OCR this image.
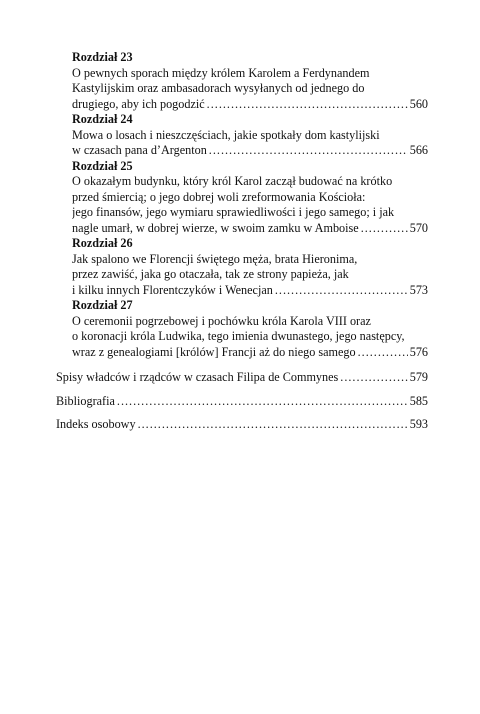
Rozdział 23
O pewnych sporach między królem Karolem a Ferdynandem
Kastylijskim oraz ambasadorach wysyłanych od jednego do
drugiego, aby ich pogodzić .....	560
Rozdział 24
Mowa o losach i nieszczęściach, jakie spotkały dom kastylijski
w czasach pana d’Argenton .....	566
Rozdział 25
O okazałym budynku, który król Karol zaczął budować na krótko
przed śmiercią; o jego dobrej woli zreformowania Kościoła:
jego finansów, jego wymiaru sprawiedliwości i jego samego; i jak
nagle umarł, w dobrej wierze, w swoim zamku w Amboise .....	570
Rozdział 26
Jak spalono we Florencji świętego męża, brata Hieronima,
przez zawiść, jaka go otaczała, tak ze strony papieża, jak
i kilku innych Florentczyków i Wenecjan .....	573
Rozdział 27
O ceremonii pogrzebowej i pochówku króla Karola VIII oraz
o koronacji króla Ludwika, tego imienia dwunastego, jego następcy,
wraz z genealogiami [królów] Francji aż do niego samego .....	576
Spisy władców i rządców w czasach Filipa de Commynes .....	579
Bibliografia .....	585
Indeks osobowy .....	593
